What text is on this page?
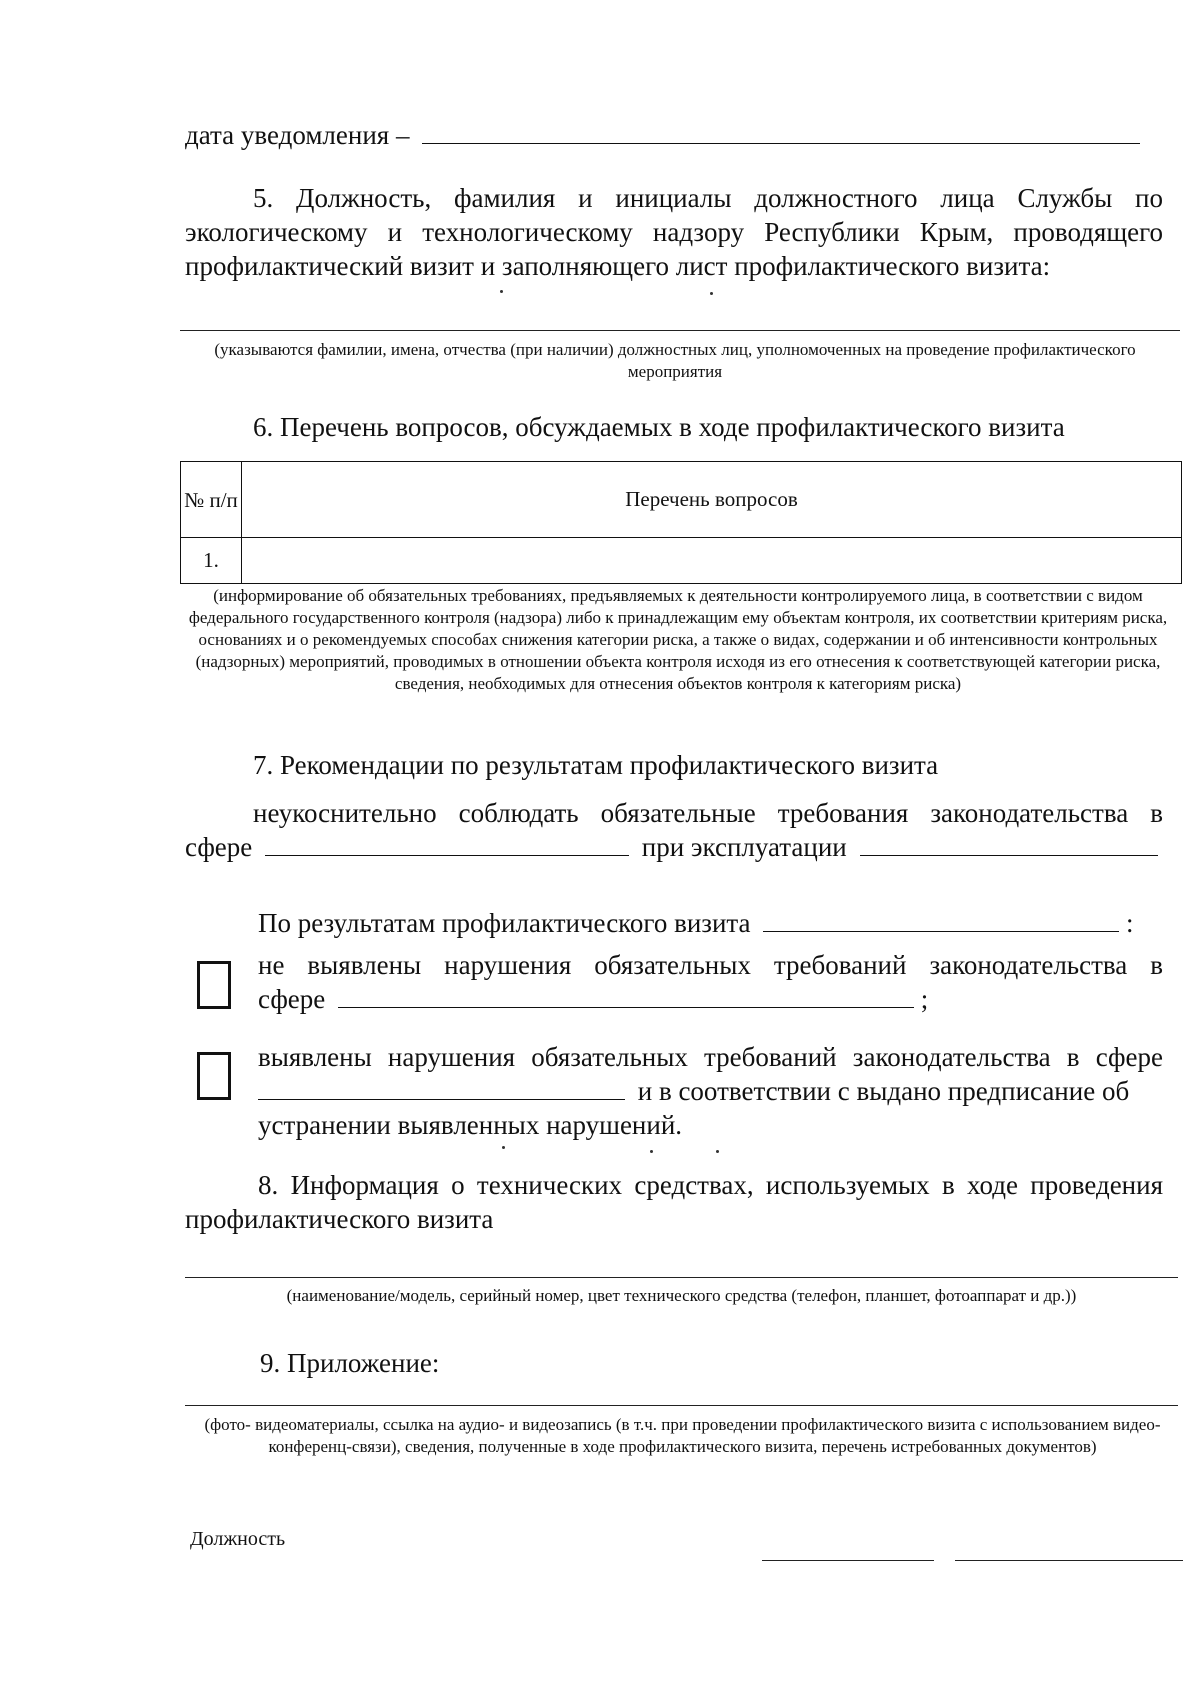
дата уведомления –
5. Должность, фамилия и инициалы должностного лица Службы по экологическому и технологическому надзору Республики Крым, проводящего профилактический визит и заполняющего лист профилактического визита:
(указываются фамилии, имена, отчества (при наличии) должностных лиц, уполномоченных на проведение профилактического мероприятия
6. Перечень вопросов, обсуждаемых в ходе профилактического визита
№ п/п	Перечень вопросов
1.	
(информирование об обязательных требованиях, предъявляемых к деятельности контролируемого лица, в соответствии с видом федерального государственного контроля (надзора) либо к принадлежащим ему объектам контроля, их соответствии критериям риска, основаниях и о рекомендуемых способах снижения категории риска, а также о видах, содержании и об интенсивности контрольных (надзорных) мероприятий, проводимых в отношении объекта контроля исходя из его отнесения к соответствующей категории риска, сведения, необходимых для отнесения объектов контроля к категориям риска)
7. Рекомендации по результатам профилактического визита
неукоснительно соблюдать обязательные требования законодательства в
сфере	при эксплуатации
По результатам профилактического визита	:
не выявлены нарушения обязательных требований законодательства в
сфере	;
выявлены нарушения обязательных требований законодательства в сфере
и в соответствии с выдано предписание об
устранении выявленных нарушений.
8. Информация о технических средствах, используемых в ходе проведения профилактического визита
(наименование/модель, серийный номер, цвет технического средства (телефон, планшет, фотоаппарат и др.))
9. Приложение:
(фото- видеоматериалы, ссылка на аудио- и видеозапись (в т.ч. при проведении профилактического визита с использованием видео-конференц-связи), сведения, полученные в ходе профилактического визита, перечень истребованных документов)
Должность
